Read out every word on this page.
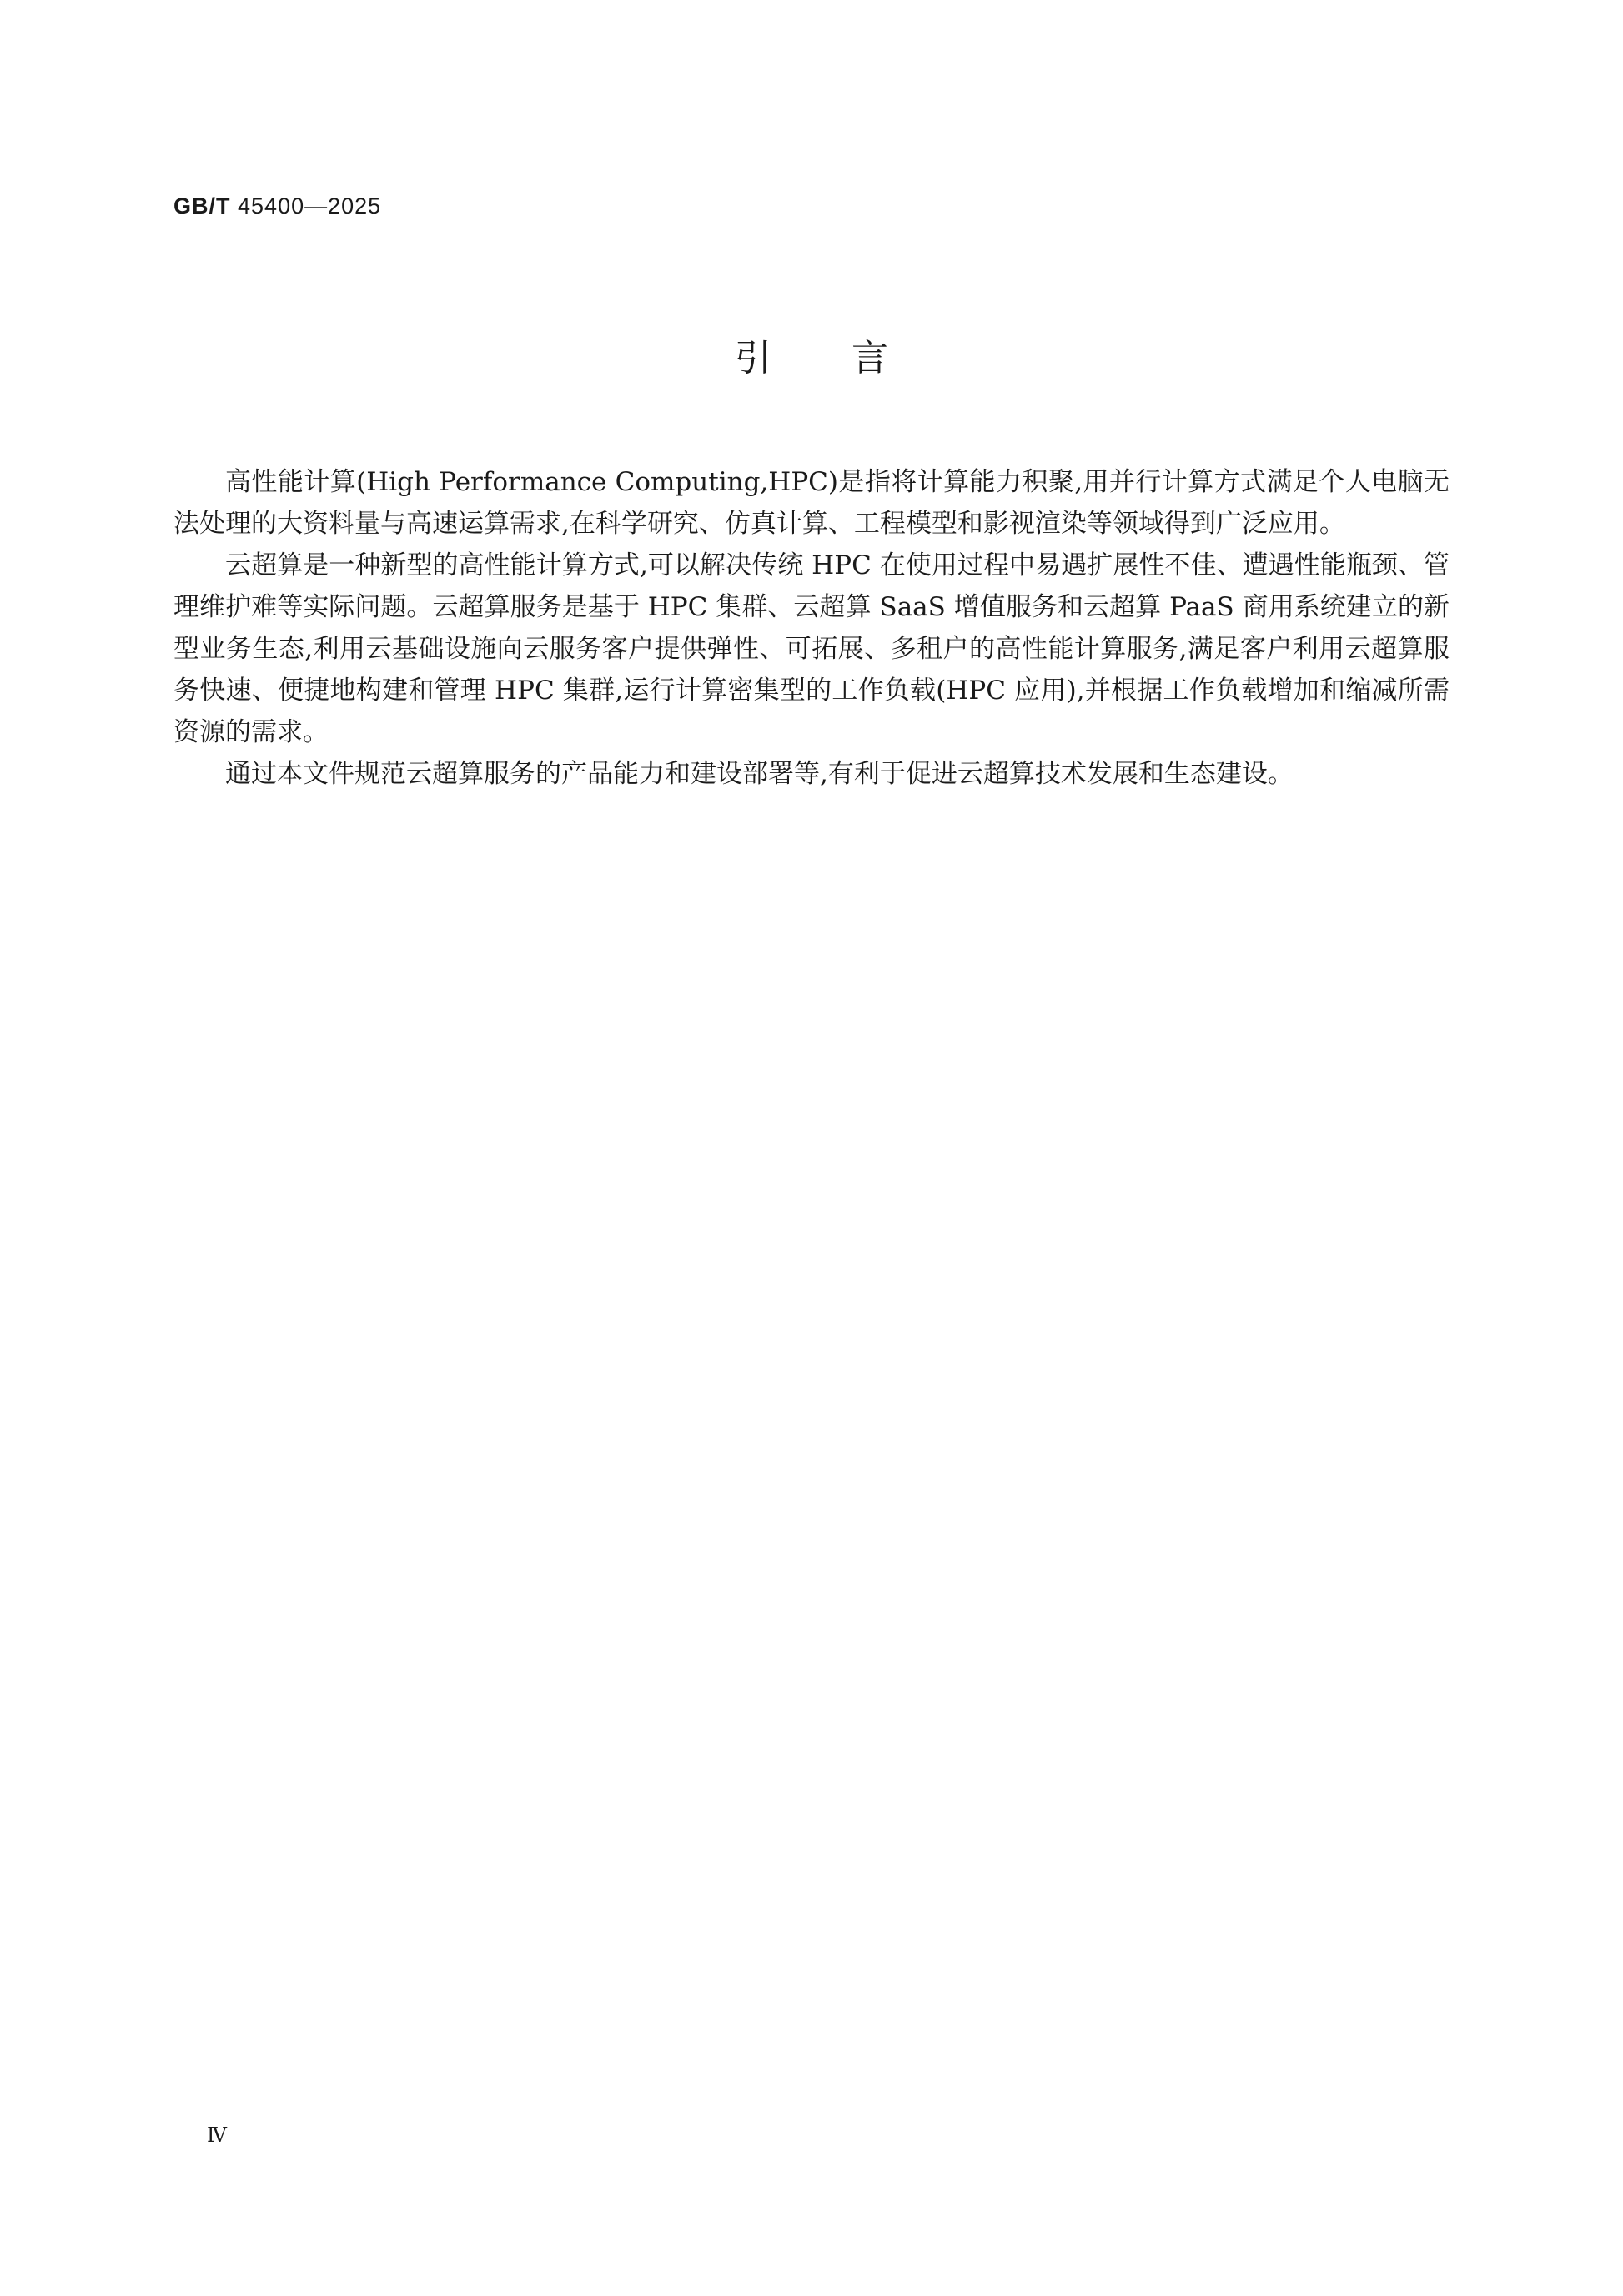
GB/T 45400—2025
引言

高性能计算(High Performance Computing,HPC)是指将计算能力积聚,用并行计算方式满足个人电脑无法处理的大资料量与高速运算需求,在科学研究、仿真计算、工程模型和影视渲染等领域得到广泛应用。

云超算是一种新型的高性能计算方式,可以解决传统 HPC 在使用过程中易遇扩展性不佳、遭遇性能瓶颈、管理维护难等实际问题。云超算服务是基于 HPC 集群、云超算 SaaS 增值服务和云超算 PaaS 商用系统建立的新型业务生态,利用云基础设施向云服务客户提供弹性、可拓展、多租户的高性能计算服务,满足客户利用云超算服务快速、便捷地构建和管理 HPC 集群,运行计算密集型的工作负载(HPC 应用),并根据工作负载增加和缩减所需资源的需求。

通过本文件规范云超算服务的产品能力和建设部署等,有利于促进云超算技术发展和生态建设。

Ⅳ
